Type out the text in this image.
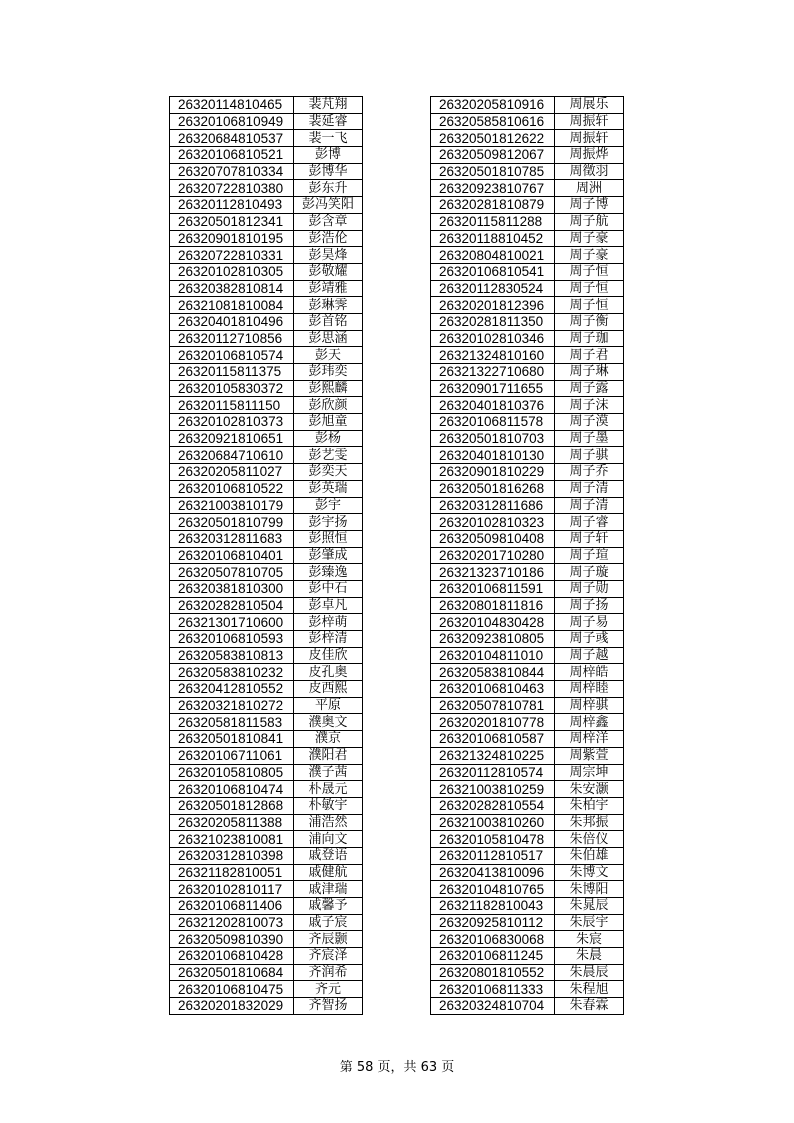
26320114810465	裴芃翔
26320106810949	裴延睿
26320684810537	裴一飞
26320106810521	彭博
26320707810334	彭博华
26320722810380	彭东升
26320112810493	彭冯笑阳
26320501812341	彭含章
26320901810195	彭浩伦
26320722810331	彭昊烽
26320102810305	彭敬耀
26320382810814	彭靖雅
26321081810084	彭琳霁
26320401810496	彭首铭
26320112710856	彭思涵
26320106810574	彭天
26320115811375	彭玮奕
26320105830372	彭熙麟
26320115811150	彭欣颜
26320102810373	彭旭童
26320921810651	彭杨
26320684710610	彭艺雯
26320205811027	彭奕天
26320106810522	彭英瑞
26321003810179	彭宇
26320501810799	彭宇扬
26320312811683	彭照恒
26320106810401	彭肇成
26320507810705	彭臻逸
26320381810300	彭中石
26320282810504	彭卓凡
26321301710600	彭梓萌
26320106810593	彭梓清
26320583810813	皮佳欣
26320583810232	皮孔奥
26320412810552	皮西熙
26320321810272	平原
26320581811583	濮奥文
26320501810841	濮京
26320106711061	濮阳君
26320105810805	濮子茜
26320106810474	朴晟元
26320501812868	朴敏宇
26320205811388	浦浩然
26321023810081	浦向文
26320312810398	戚登语
26321182810051	戚健航
26320102810117	戚津瑞
26320106811406	戚馨予
26321202810073	戚子宸
26320509810390	齐辰颢
26320106810428	齐宸泽
26320501810684	齐润希
26320106810475	齐元
26320201832029	齐智扬
26320205810916	周展乐
26320585810616	周振轩
26320501812622	周振轩
26320509812067	周振烨
26320501810785	周徵羽
26320923810767	周洲
26320281810879	周子博
26320115811288	周子航
26320118810452	周子豪
26320804810021	周子豪
26320106810541	周子恒
26320112830524	周子恒
26320201812396	周子恒
26320281811350	周子衡
26320102810346	周子珈
26321324810160	周子君
26321322710680	周子琳
26320901711655	周子露
26320401810376	周子沫
26320106811578	周子漠
26320501810703	周子墨
26320401810130	周子骐
26320901810229	周子乔
26320501816268	周子清
26320312811686	周子清
26320102810323	周子睿
26320509810408	周子轩
26320201710280	周子瑄
26321323710186	周子璇
26320106811591	周子勋
26320801811816	周子扬
26320104830428	周子易
26320923810805	周子彧
26320104811010	周子越
26320583810844	周梓皓
26320106810463	周梓睦
26320507810781	周梓骐
26320201810778	周梓鑫
26320106810587	周梓洋
26321324810225	周紫萱
26320112810574	周宗坤
26321003810259	朱安灏
26320282810554	朱柏宇
26321003810260	朱邦振
26320105810478	朱倍仪
26320112810517	朱伯雄
26320413810096	朱博文
26320104810765	朱博阳
26321182810043	朱晁辰
26320925810112	朱辰宇
26320106830068	朱宸
26320106811245	朱晨
26320801810552	朱晨辰
26320106811333	朱程旭
26320324810704	朱春霖
第 58 页，共 63 页
